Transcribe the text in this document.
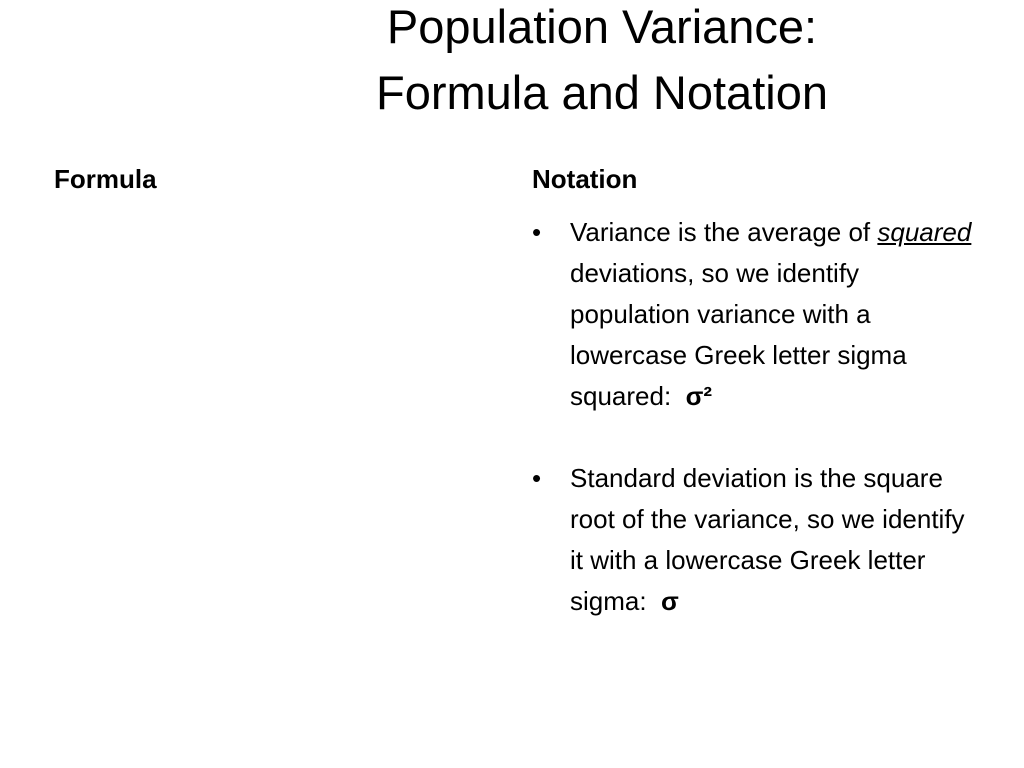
Population Variance:
Formula and Notation
Formula	Notation
• Variance is the average of squared deviations, so we identify population variance with a lowercase Greek letter sigma squared: σ²
• Standard deviation is the square root of the variance, so we identify it with a lowercase Greek letter sigma: σ
